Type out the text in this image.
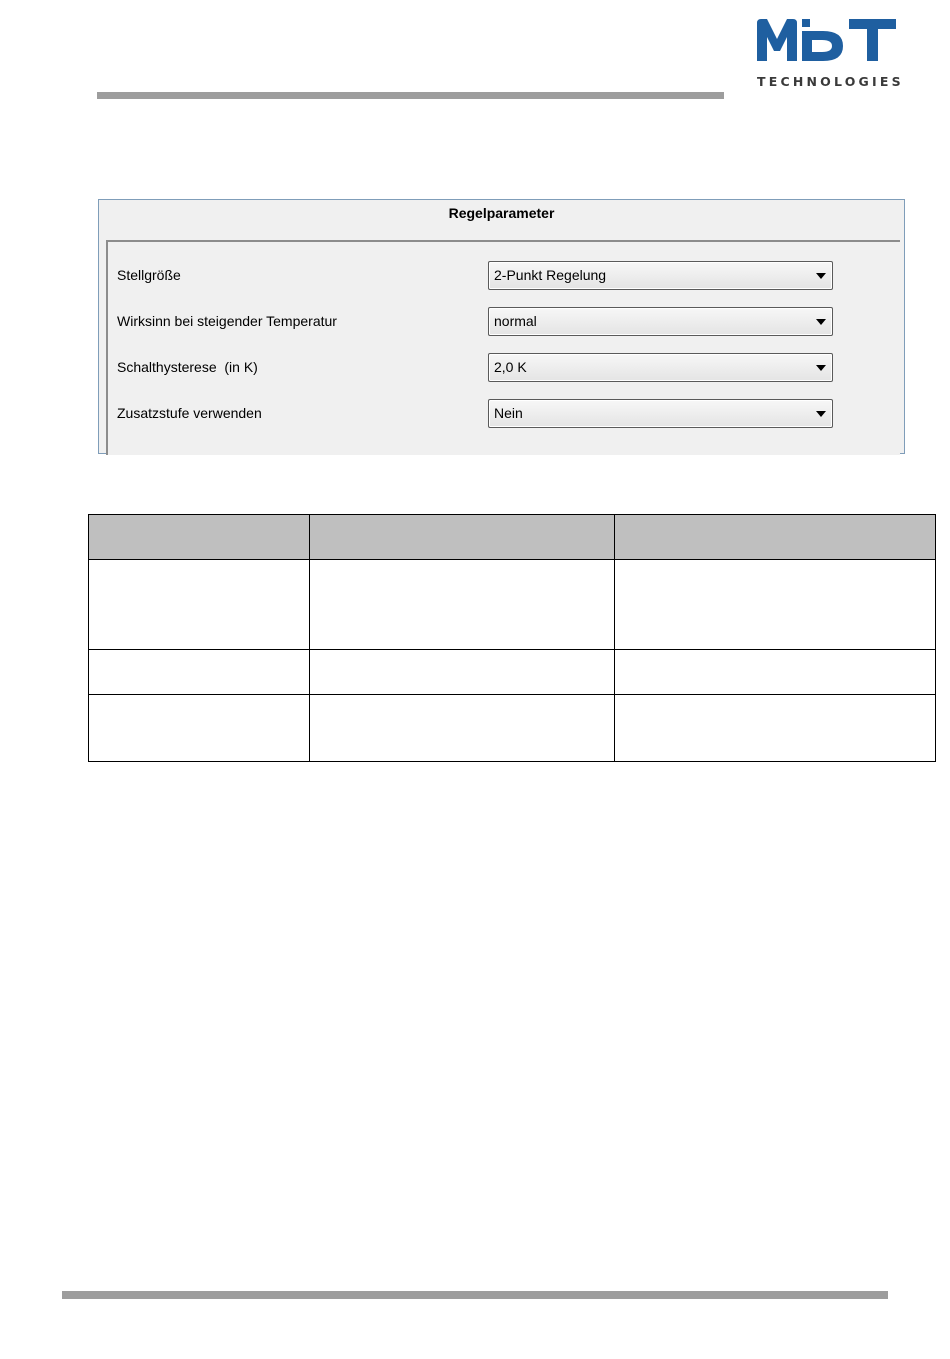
TECHNOLOGIES
Regelparameter
Stellgröße	2-Punkt Regelung
Wirksinn bei steigender Temperatur	normal
Schalthysterese  (in K)	2,0 K
Zusatzstufe verwenden	Nein
